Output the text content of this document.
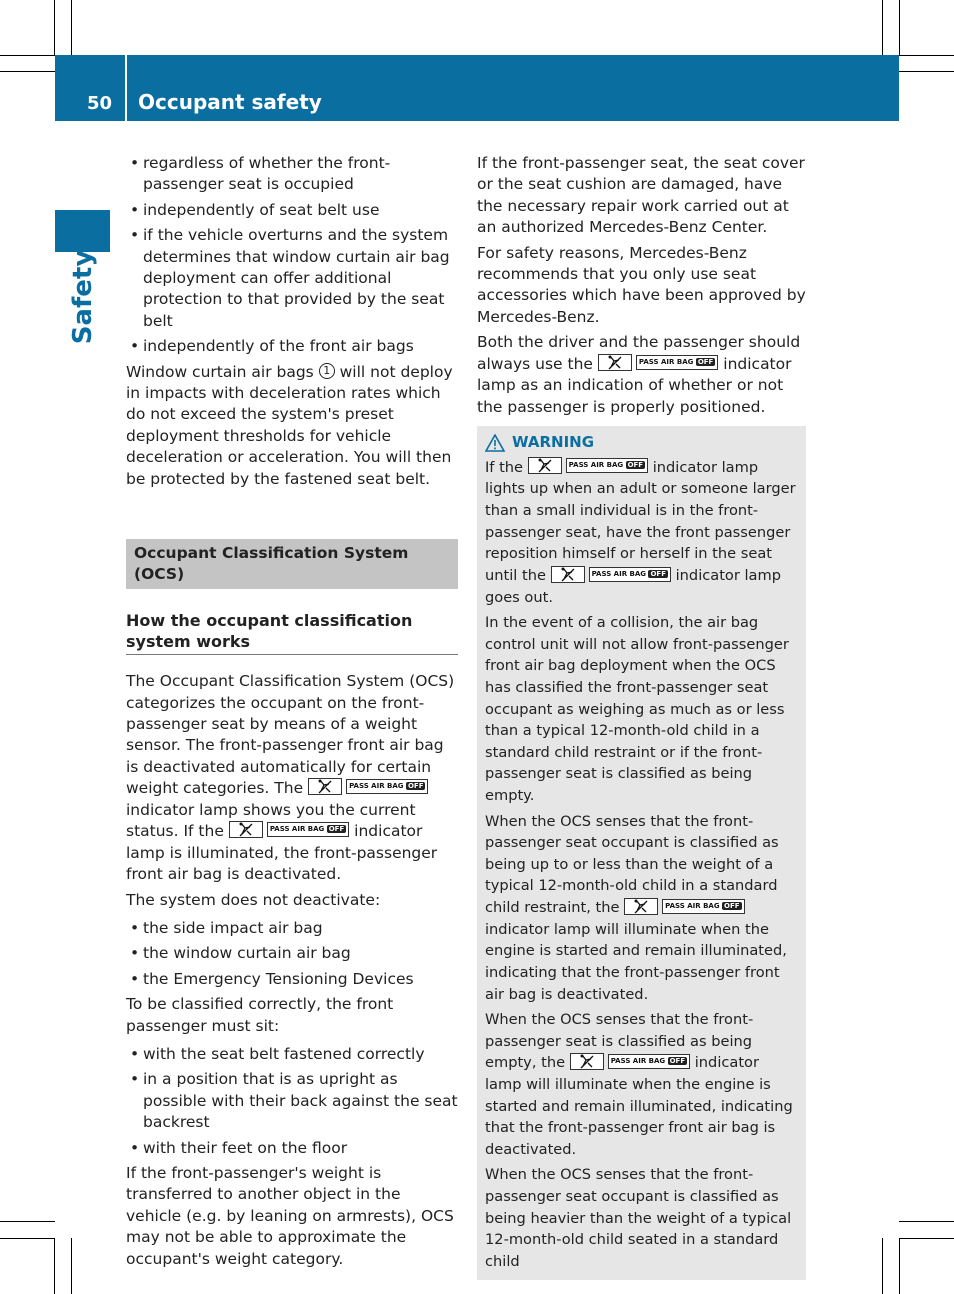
50 Occupant safety
Safety
• regardless of whether the front-passenger seat is occupied
• independently of seat belt use
• if the vehicle overturns and the system determines that window curtain air bag deployment can offer additional protection to that provided by the seat belt
• independently of the front air bags

Window curtain air bags 1 will not deploy in impacts with deceleration rates which do not exceed the system's preset deployment thresholds for vehicle deceleration or acceleration. You will then be protected by the fastened seat belt.

Occupant Classification System (OCS)
How the occupant classification system works

The Occupant Classification System (OCS) categorizes the occupant on the front-passenger seat by means of a weight sensor. The front-passenger front air bag is deactivated automatically for certain weight categories. The	PASS AIR BAG OFF indicator lamp shows you the current status. If the	PASS AIR BAG OFF indicator lamp is illuminated, the front-passenger front air bag is deactivated.

The system does not deactivate:

• the side impact air bag
• the window curtain air bag
• the Emergency Tensioning Devices

To be classified correctly, the front passenger must sit:

• with the seat belt fastened correctly
• in a position that is as upright as possible with their back against the seat backrest
• with their feet on the floor

If the front-passenger's weight is transferred to another object in the vehicle (e.g. by leaning on armrests), OCS may not be able to approximate the occupant's weight category.

If the front-passenger seat, the seat cover or the seat cushion are damaged, have the necessary repair work carried out at an authorized Mercedes-Benz Center.

For safety reasons, Mercedes-Benz recommends that you only use seat accessories which have been approved by Mercedes-Benz.

Both the driver and the passenger should always use the	PASS AIR BAG OFF indicator lamp as an indication of whether or not the passenger is properly positioned.

WARNING

If the	PASS AIR BAG OFF indicator lamp lights up when an adult or someone larger than a small individual is in the front-passenger seat, have the front passenger reposition himself or herself in the seat until the	PASS AIR BAG OFF indicator lamp goes out.

In the event of a collision, the air bag control unit will not allow front-passenger front air bag deployment when the OCS has classified the front-passenger seat occupant as weighing as much as or less than a typical 12-month-old child in a standard child restraint or if the front-passenger seat is classified as being empty.

When the OCS senses that the front-passenger seat occupant is classified as being up to or less than the weight of a typical 12-month-old child in a standard child restraint, the	PASS AIR BAG OFF indicator lamp will illuminate when the engine is started and remain illuminated, indicating that the front-passenger front air bag is deactivated.

When the OCS senses that the front-passenger seat is classified as being empty, the	PASS AIR BAG OFF indicator lamp will illuminate when the engine is started and remain illuminated, indicating that the front-passenger front air bag is deactivated.

When the OCS senses that the front-passenger seat occupant is classified as being heavier than the weight of a typical 12-month-old child seated in a standard child
